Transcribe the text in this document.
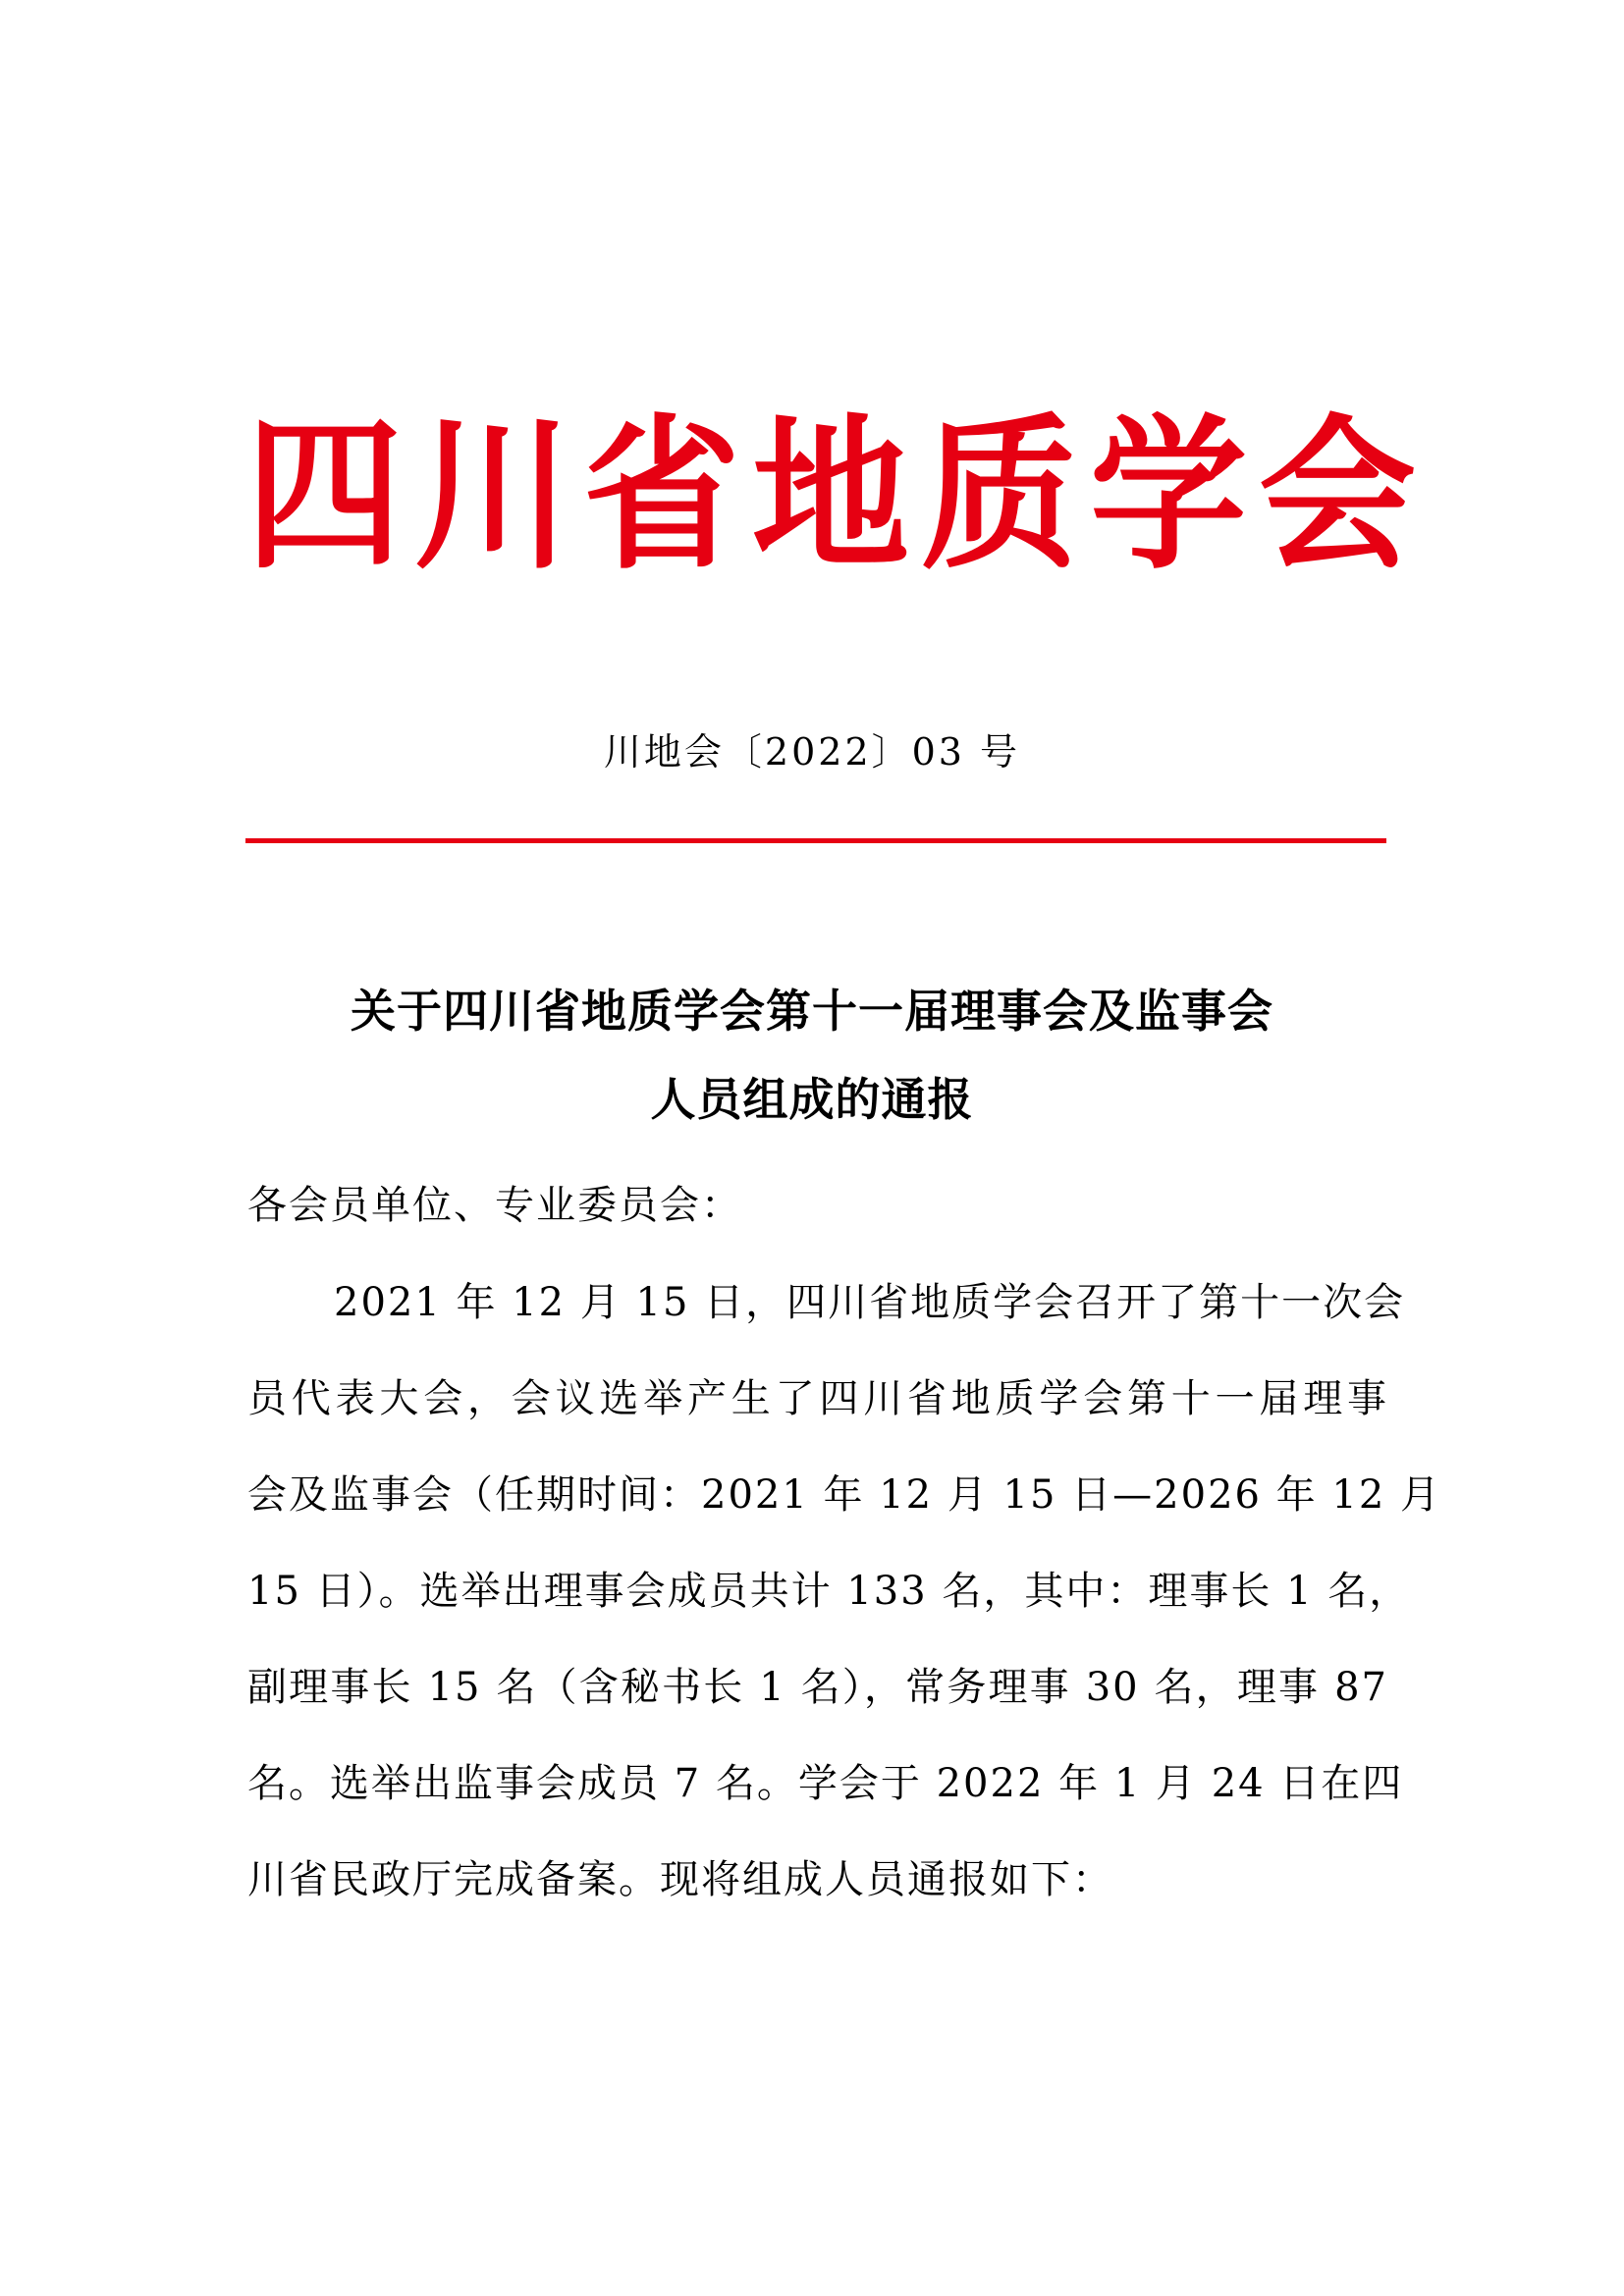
四川省地质学会
川地会〔2022〕03 号
关于四川省地质学会第十一届理事会及监事会
人员组成的通报
各会员单位、专业委员会：
2021 年 12 月 15 日，四川省地质学会召开了第十一次会
员代表大会，会议选举产生了四川省地质学会第十一届理事
会及监事会（任期时间：2021 年 12 月 15 日—2026 年 12 月
15 日）。选举出理事会成员共计 133 名，其中：理事长 1 名，
副理事长 15 名（含秘书长 1 名），常务理事 30 名，理事 87
名。选举出监事会成员 7 名。学会于 2022 年 1 月 24 日在四
川省民政厅完成备案。现将组成人员通报如下：
